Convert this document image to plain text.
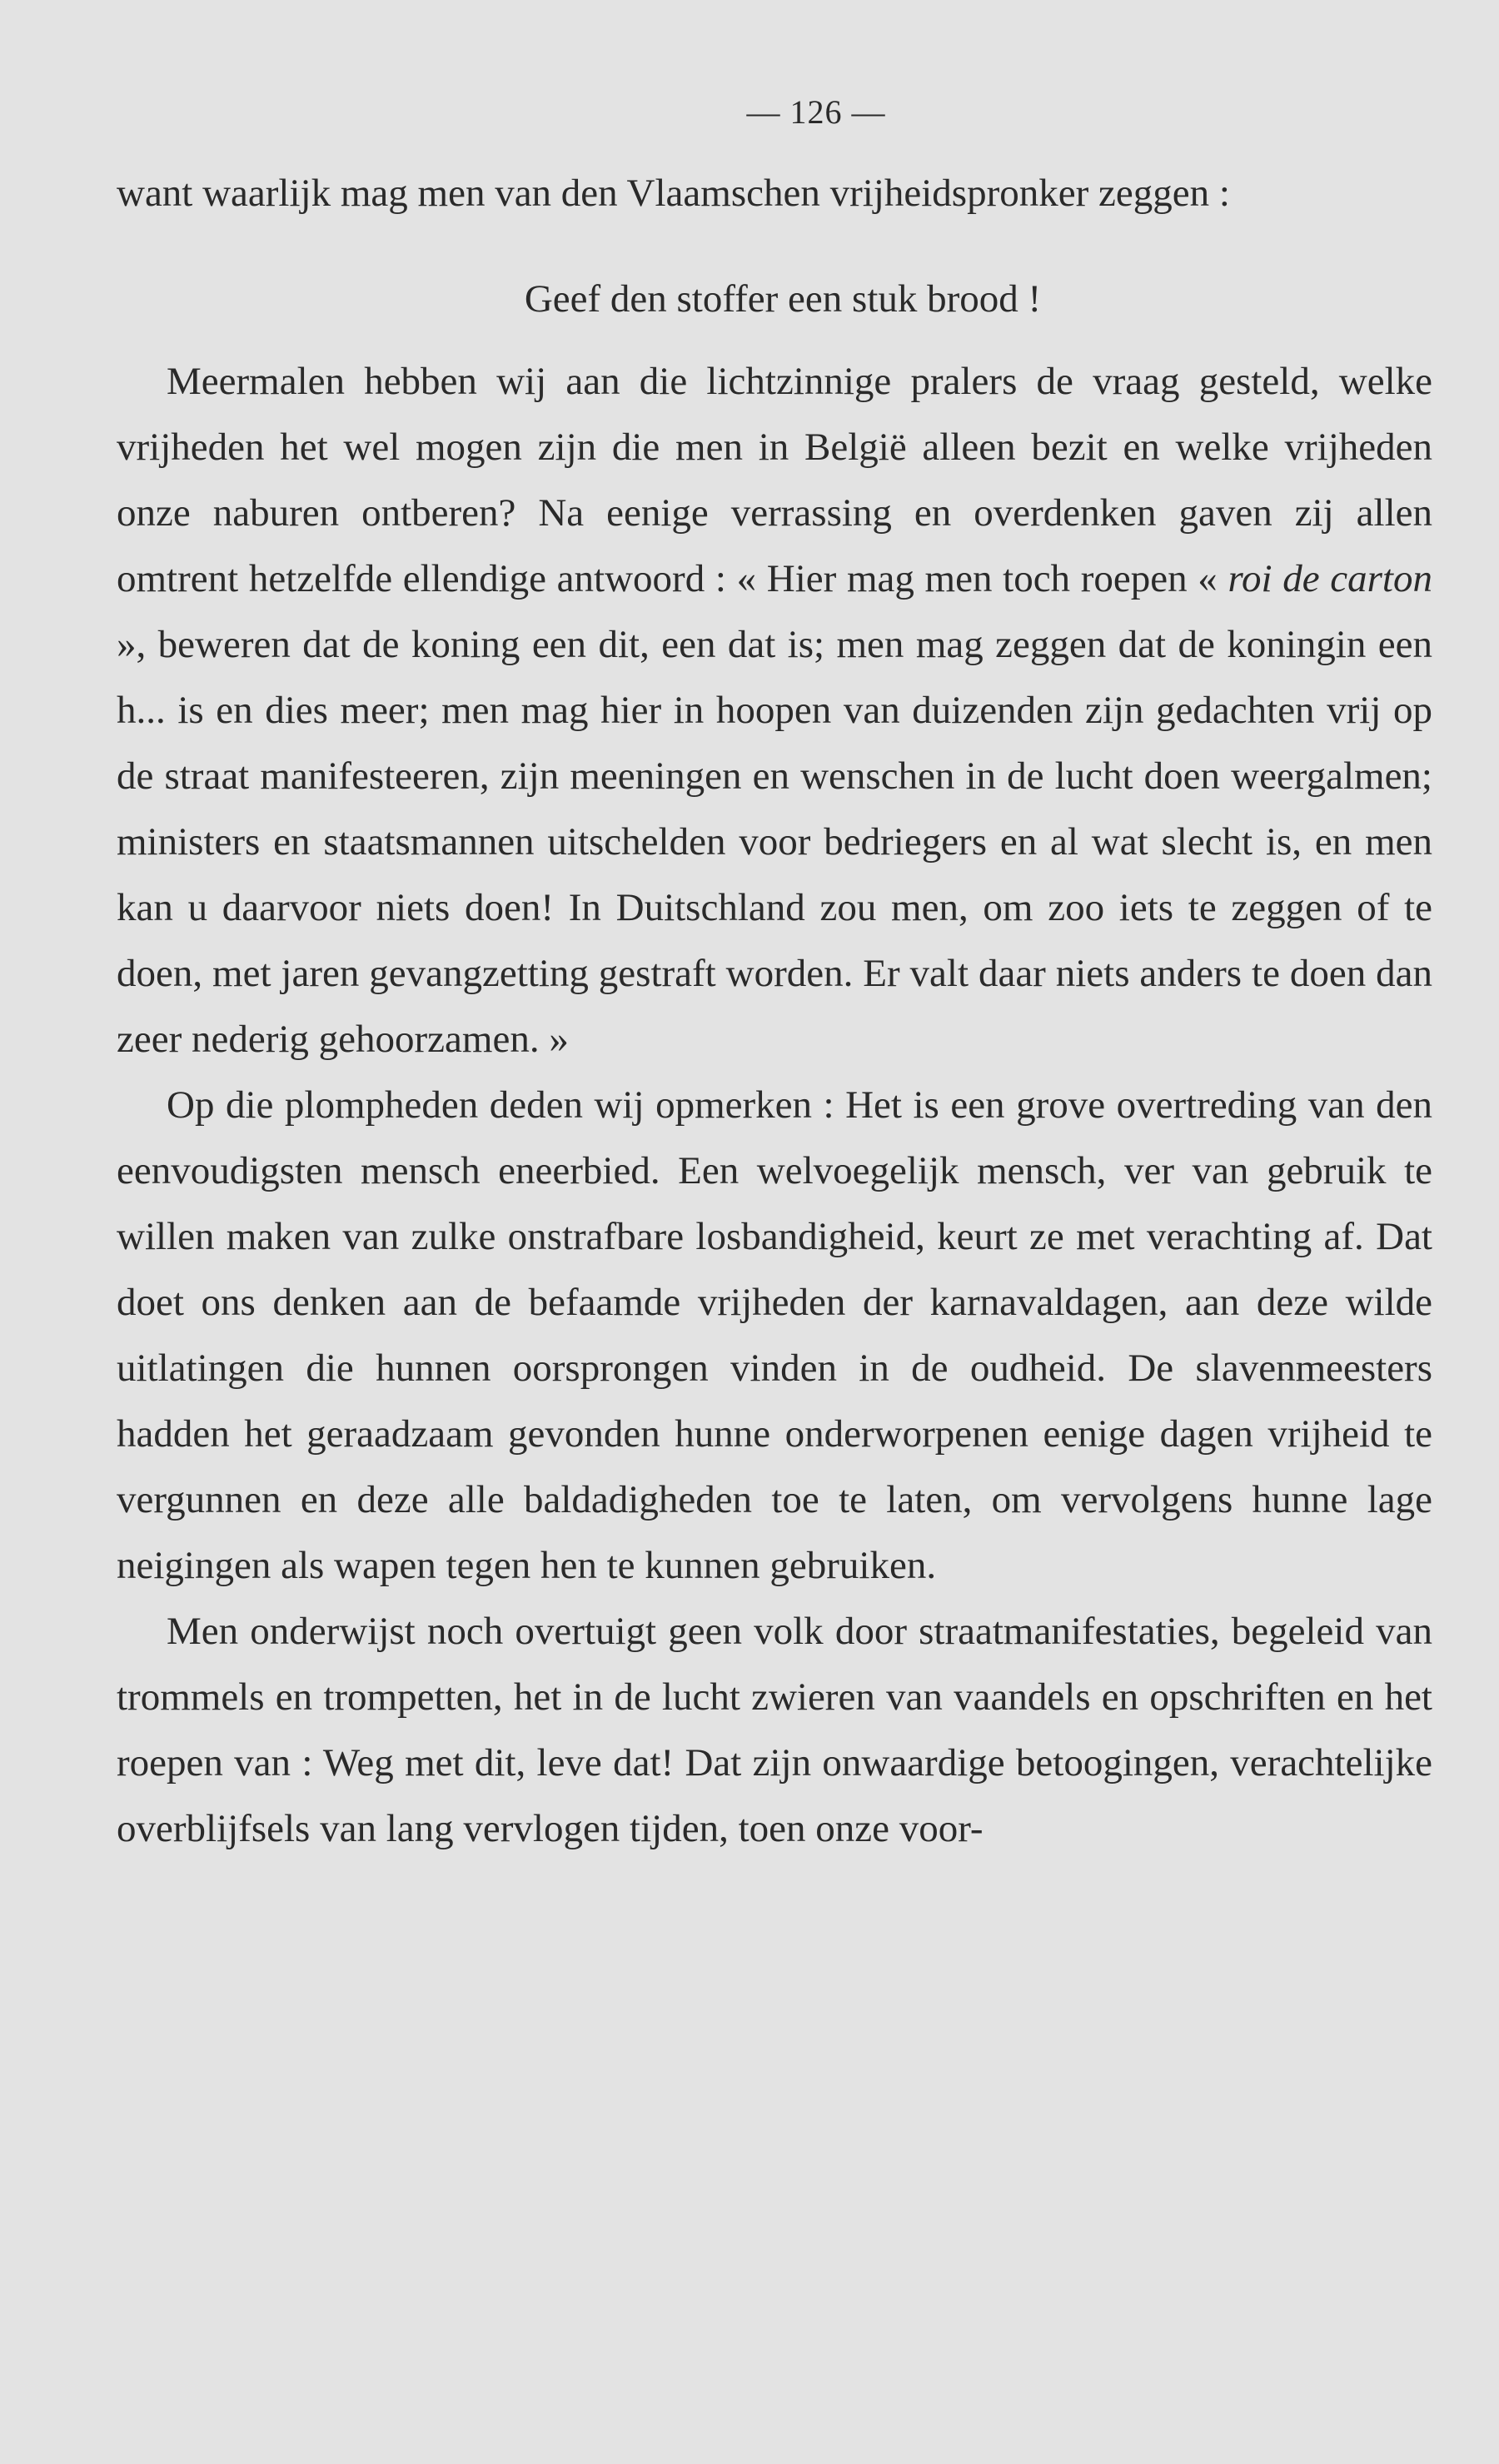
— 126 —

want waarlijk mag men van den Vlaamschen vrijheidspronker zeggen :

Geef den stoffer een stuk brood !

Meermalen hebben wij aan die lichtzinnige pralers de vraag gesteld, welke vrijheden het wel mogen zijn die men in België alleen bezit en welke vrijheden onze naburen ontberen? Na eenige verrassing en overdenken gaven zij allen omtrent hetzelfde ellendige antwoord : « Hier mag men toch roepen « roi de carton », beweren dat de koning een dit, een dat is; men mag zeggen dat de koningin een h... is en dies meer; men mag hier in hoopen van duizenden zijn gedachten vrij op de straat manifesteeren, zijn meeningen en wenschen in de lucht doen weergalmen; ministers en staatsmannen uitschelden voor bedriegers en al wat slecht is, en men kan u daarvoor niets doen! In Duitschland zou men, om zoo iets te zeggen of te doen, met jaren gevangzetting gestraft worden. Er valt daar niets anders te doen dan zeer nederig gehoorzamen. »

Op die plompheden deden wij opmerken : Het is een grove overtreding van den eenvoudigsten mensch eneerbied. Een welvoegelijk mensch, ver van gebruik te willen maken van zulke onstrafbare losbandigheid, keurt ze met verachting af. Dat doet ons denken aan de befaamde vrijheden der karnavaldagen, aan deze wilde uitlatingen die hunnen oorsprongen vinden in de oudheid. De slavenmeesters hadden het geraadzaam gevonden hunne onderworpenen eenige dagen vrijheid te vergunnen en deze alle baldadigheden toe te laten, om vervolgens hunne lage neigingen als wapen tegen hen te kunnen gebruiken.

Men onderwijst noch overtuigt geen volk door straatmanifestaties, begeleid van trommels en trompetten, het in de lucht zwieren van vaandels en opschriften en het roepen van : Weg met dit, leve dat! Dat zijn onwaardige betoogingen, verachtelijke overblijfsels van lang vervlogen tijden, toen onze voor-
